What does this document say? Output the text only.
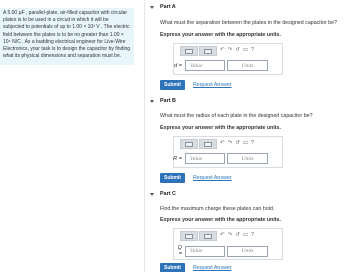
A 5.00 μF , parallel-plate, air-filled capacitor with circular plates is to be used in a circuit in which it will be subjected to potentials of up to 1.00 × 10² V . The electric field between the plates is to be no greater than 1.00 × 10⁴ N/C . As a budding electrical engineer for Live-Wire Electronics, your task is to design the capacitor by finding what its physical dimensions and separation must be.

Part A
What must the separation between the plates in the designed capacitor be?
Express your answer with the appropriate units.
↶ ↷ ↺ ▭ ?
d =	Value	Units
Submit	Request Answer
Part B
What must the radius of each plate in the designed capacitor be?
Express your answer with the appropriate units.
↶ ↷ ↺ ▭ ?
R =	Value	Units
Submit	Request Answer
Part C
Find the maximum charge these plates can hold.
Express your answer with the appropriate units.
↶ ↷ ↺ ▭ ?
Q =	Value	Units
Submit	Request Answer
